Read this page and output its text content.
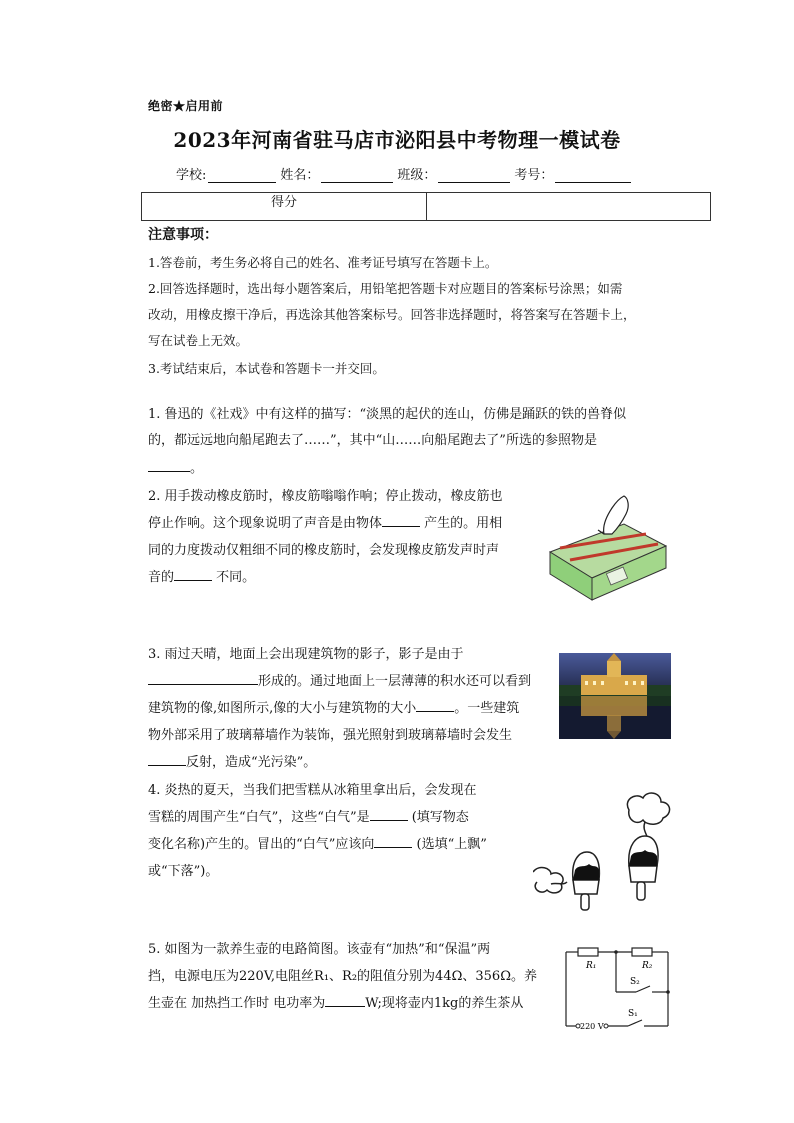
绝密★启用前
2023年河南省驻马店市泌阳县中考物理一模试卷
学校:	姓名：	班级：	考号：
得分
注意事项：
1.答卷前，考生务必将自己的姓名、准考证号填写在答题卡上。
2.回答选择题时，选出每小题答案后，用铅笔把答题卡对应题目的答案标号涂黑；如需
改动，用橡皮擦干净后，再选涂其他答案标号。回答非选择题时，将答案写在答题卡上，
写在试卷上无效。
3.考试结束后，本试卷和答题卡一并交回。
1. 鲁迅的《社戏》中有这样的描写：“淡黑的起伏的连山，仿佛是踊跃的铁的兽脊似
的，都远远地向船尾跑去了……”，其中“山……向船尾跑去了”所选的参照物是
。
2. 用手拨动橡皮筋时，橡皮筋嗡嗡作响；停止拨动，橡皮筋也
停止作响。这个现象说明了声音是由物体	产生的。用相
同的力度拨动仅粗细不同的橡皮筋时，会发现橡皮筋发声时声
音的	不同。
3. 雨过天晴，地面上会出现建筑物的影子，影子是由于
形成的。通过地面上一层薄薄的积水还可以看到
建筑物的像,如图所示,像的大小与建筑物的大小	。一些建筑
物外部采用了玻璃幕墙作为装饰，强光照射到玻璃幕墙时会发生
反射，造成“光污染”。
4. 炎热的夏天，当我们把雪糕从冰箱里拿出后，会发现在
雪糕的周围产生“白气”，这些“白气”是	(填写物态
变化名称)产生的。冒出的“白气”应该向	(选填“上飘”
或“下落”)。
5. 如图为一款养生壶的电路简图。该壶有“加热”和“保温”两
挡，电源电压为220V,电阻丝R₁、R₂的阻值分别为44Ω、356Ω。养
生壶在 加热挡工作时 电功率为	W;现将壶内1kg的养生茶从
R₁	R₂
S₂
S₁
220 V
